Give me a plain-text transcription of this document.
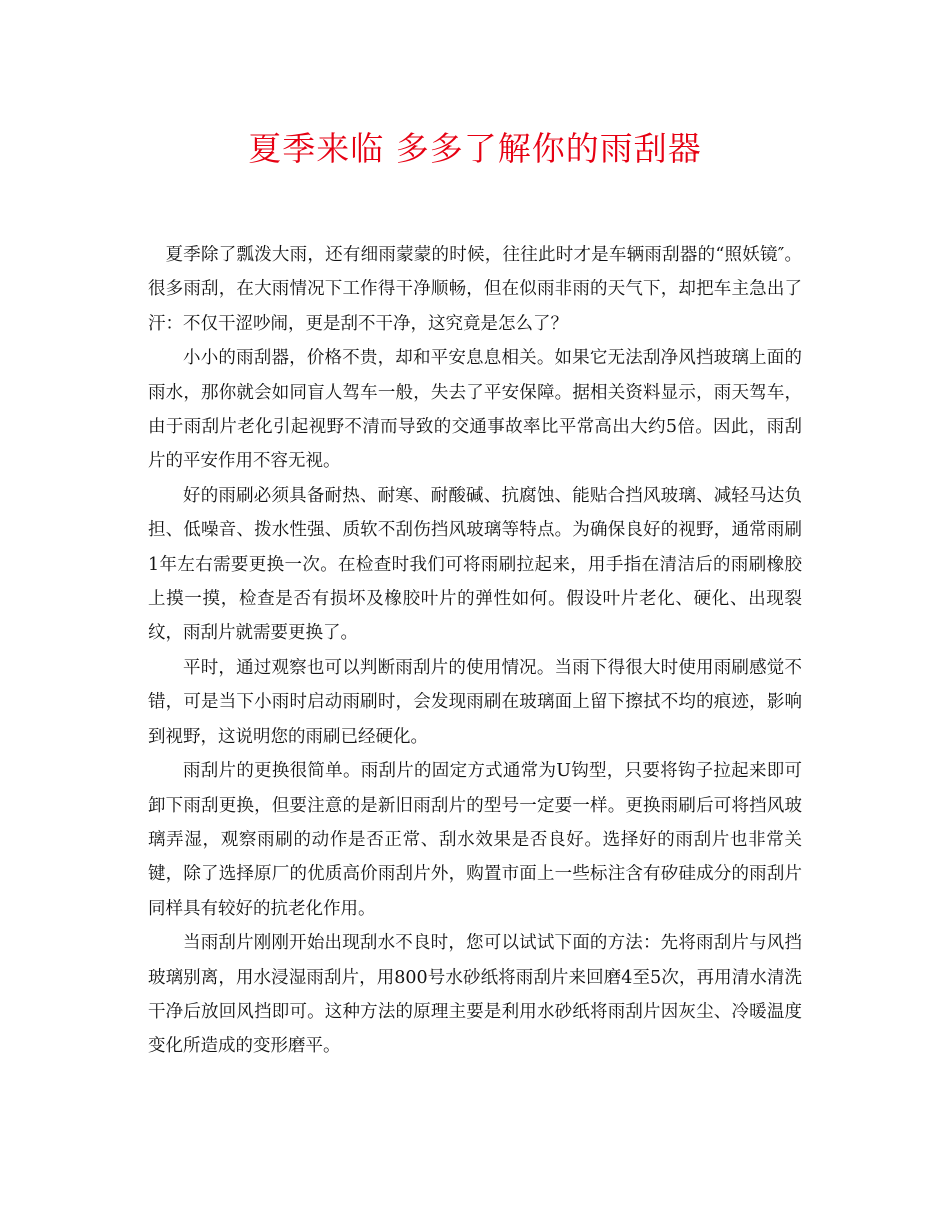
夏季来临 多多了解你的雨刮器

夏季除了瓢泼大雨，还有细雨蒙蒙的时候，往往此时才是车辆雨刮器的“照妖镜″。很多雨刮，在大雨情况下工作得干净顺畅，但在似雨非雨的天气下，却把车主急出了汗：不仅干涩吵闹，更是刮不干净，这究竟是怎么了？

小小的雨刮器，价格不贵，却和平安息息相关。如果它无法刮净风挡玻璃上面的雨水，那你就会如同盲人驾车一般，失去了平安保障。据相关资料显示，雨天驾车，由于雨刮片老化引起视野不清而导致的交通事故率比平常高出大约5倍。因此，雨刮片的平安作用不容无视。

好的雨刷必须具备耐热、耐寒、耐酸碱、抗腐蚀、能贴合挡风玻璃、减轻马达负担、低噪音、拨水性强、质软不刮伤挡风玻璃等特点。为确保良好的视野，通常雨刷1年左右需要更换一次。在检查时我们可将雨刷拉起来，用手指在清洁后的雨刷橡胶上摸一摸，检查是否有损坏及橡胶叶片的弹性如何。假设叶片老化、硬化、出现裂纹，雨刮片就需要更换了。

平时，通过观察也可以判断雨刮片的使用情况。当雨下得很大时使用雨刷感觉不错，可是当下小雨时启动雨刷时，会发现雨刷在玻璃面上留下擦拭不均的痕迹，影响到视野，这说明您的雨刷已经硬化。

雨刮片的更换很简单。雨刮片的固定方式通常为U钩型，只要将钩子拉起来即可卸下雨刮更换，但要注意的是新旧雨刮片的型号一定要一样。更换雨刷后可将挡风玻璃弄湿，观察雨刷的动作是否正常、刮水效果是否良好。选择好的雨刮片也非常关键，除了选择原厂的优质高价雨刮片外，购置市面上一些标注含有矽硅成分的雨刮片同样具有较好的抗老化作用。

当雨刮片刚刚开始出现刮水不良时，您可以试试下面的方法：先将雨刮片与风挡玻璃别离，用水浸湿雨刮片，用800号水砂纸将雨刮片来回磨4至5次，再用清水清洗干净后放回风挡即可。这种方法的原理主要是利用水砂纸将雨刮片因灰尘、冷暖温度变化所造成的变形磨平。
